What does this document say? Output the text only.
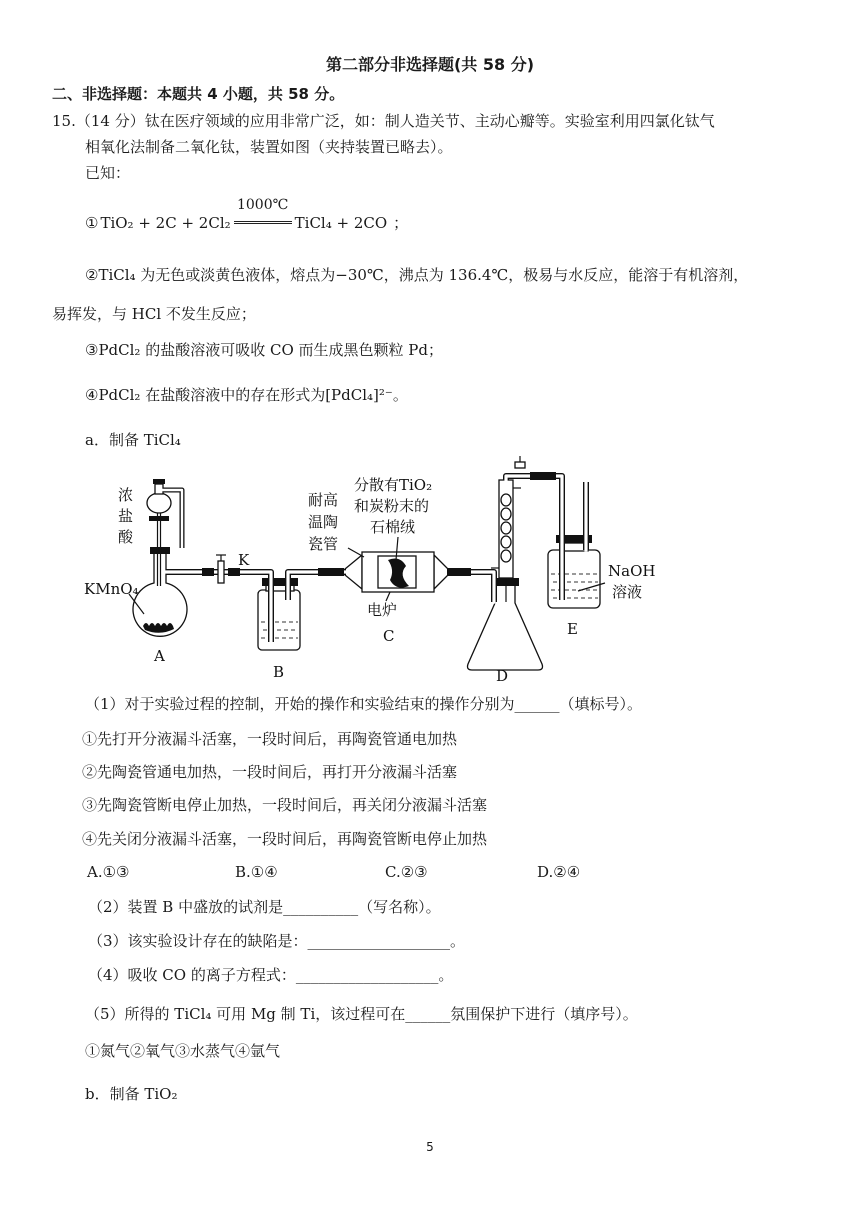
第二部分非选择题(共 58 分)
二、非选择题：本题共 4 小题，共 58 分。
15. （14 分）钛在医疗领域的应用非常广泛，如：制人造关节、主动心瓣等。实验室利用四氯化钛气
相氧化法制备二氧化钛，装置如图（夹持装置已略去）。
已知：
① TiO₂ + 2C + 2Cl₂
1000℃
TiCl₄ + 2CO ；
②TiCl₄ 为无色或淡黄色液体，熔点为−30℃，沸点为 136.4℃，极易与水反应，能溶于有机溶剂，
易挥发，与 HCl 不发生反应；
③PdCl₂ 的盐酸溶液可吸收 CO 而生成黑色颗粒 Pd；
④PdCl₂ 在盐酸溶液中的存在形式为[PdCl₄]²⁻。
a．制备 TiCl₄
浓
盐
酸
KMnO₄
A
K
B
耐高
温陶
瓷管
分散有TiO₂
和炭粉末的
石棉绒
电炉
C
D
NaOH
溶液
E
（1）对于实验过程的控制，开始的操作和实验结束的操作分别为______（填标号）。
①先打开分液漏斗活塞，一段时间后，再陶瓷管通电加热
②先陶瓷管通电加热，一段时间后，再打开分液漏斗活塞
③先陶瓷管断电停止加热，一段时间后，再关闭分液漏斗活塞
④先关闭分液漏斗活塞，一段时间后，再陶瓷管断电停止加热
A.①③	B.①④	C.②③	D.②④
（2）装置 B 中盛放的试剂是__________（写名称）。
（3）该实验设计存在的缺陷是：___________________。
（4）吸收 CO 的离子方程式：___________________。
（5）所得的 TiCl₄ 可用 Mg 制 Ti，该过程可在______氛围保护下进行（填序号）。
①氮气②氧气③水蒸气④氩气
b．制备 TiO₂
5
